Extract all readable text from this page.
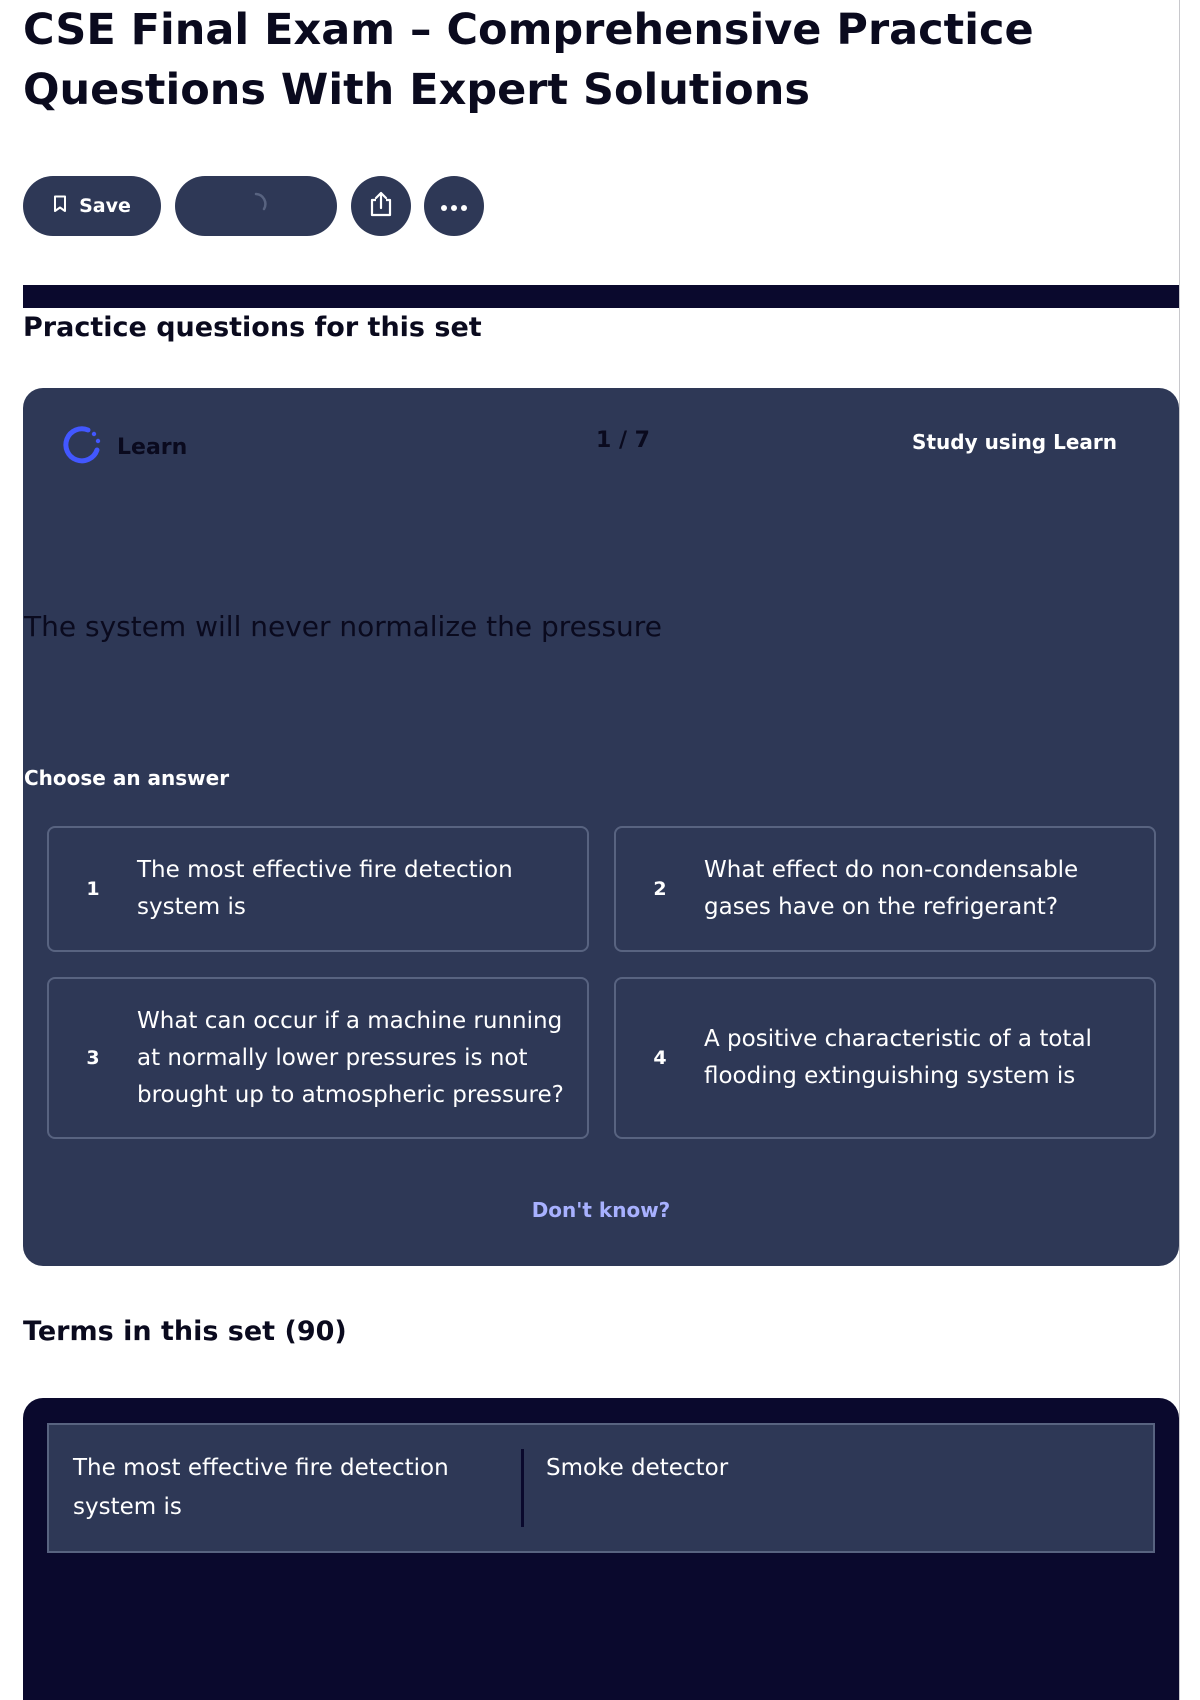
CSE Final Exam – Comprehensive Practice Questions With Expert Solutions
Save
Practice questions for this set
Learn	1 / 7	Study using Learn
The system will never normalize the pressure
Choose an answer
1
The most effective fire detection system is
2
What effect do non-condensable gases have on the refrigerant?
3
What can occur if a machine running at normally lower pressures is not brought up to atmospheric pressure?
4
A positive characteristic of a total flooding extinguishing system is
Don't know?
Terms in this set (90)
The most effective fire detection system is
Smoke detector
